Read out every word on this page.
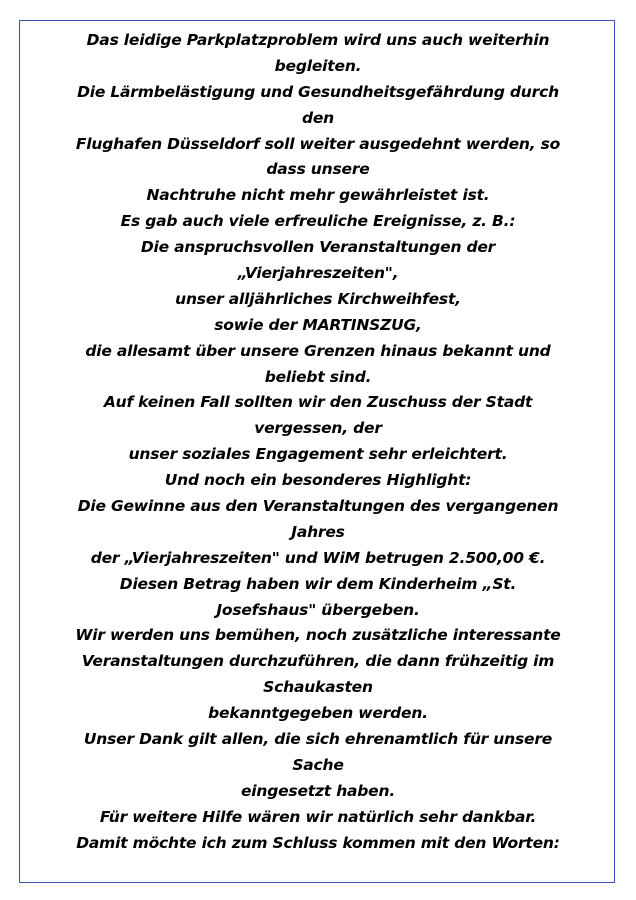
Das leidige Parkplatzproblem wird uns auch weiterhin
begleiten.
Die Lärmbelästigung und Gesundheitsgefährdung durch
den
Flughafen Düsseldorf soll weiter ausgedehnt werden, so
dass unsere
Nachtruhe nicht mehr gewährleistet ist.
Es gab auch viele erfreuliche Ereignisse, z. B.:
Die anspruchsvollen Veranstaltungen der
„Vierjahreszeiten",
unser alljährliches Kirchweihfest,
sowie der MARTINSZUG,
die allesamt über unsere Grenzen hinaus bekannt und
beliebt sind.
Auf keinen Fall sollten wir den Zuschuss der Stadt
vergessen, der
unser soziales Engagement sehr erleichtert.
Und noch ein besonderes Highlight:
Die Gewinne aus den Veranstaltungen des vergangenen
Jahres
der „Vierjahreszeiten" und WiM betrugen 2.500,00 €.
Diesen Betrag haben wir dem Kinderheim „St.
Josefshaus" übergeben.
Wir werden uns bemühen, noch zusätzliche interessante
Veranstaltungen durchzuführen, die dann frühzeitig im
Schaukasten
bekanntgegeben werden.
Unser Dank gilt allen, die sich ehrenamtlich für unsere
Sache
eingesetzt haben.
Für weitere Hilfe wären wir natürlich sehr dankbar.
Damit möchte ich zum Schluss kommen mit den Worten:
